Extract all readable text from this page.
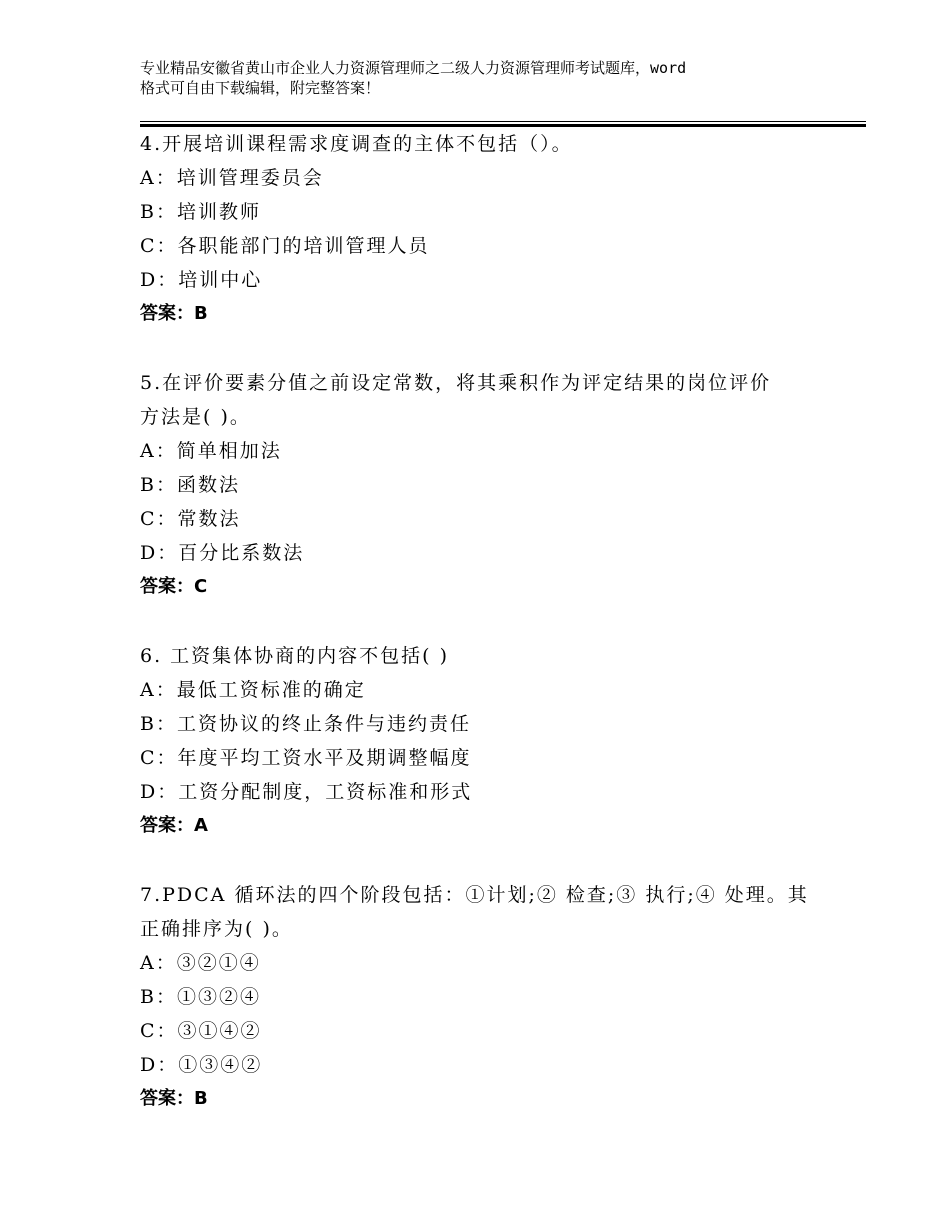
专业精品安徽省黄山市企业人力资源管理师之二级人力资源管理师考试题库，word
格式可自由下载编辑，附完整答案！
4.开展培训课程需求度调查的主体不包括（）。
A：培训管理委员会
B：培训教师
C：各职能部门的培训管理人员
D：培训中心
答案：B
5.在评价要素分值之前设定常数，将其乘积作为评定结果的岗位评价
方法是( )。
A：简单相加法
B：函数法
C：常数法
D：百分比系数法
答案：C
6. 工资集体协商的内容不包括( )
A：最低工资标准的确定
B：工资协议的终止条件与违约责任
C：年度平均工资水平及期调整幅度
D：工资分配制度，工资标准和形式
答案：A
7.PDCA 循环法的四个阶段包括：①计划;② 检查;③ 执行;④ 处理。其
正确排序为( )。
A：③②①④
B：①③②④
C：③①④②
D：①③④②
答案：B
